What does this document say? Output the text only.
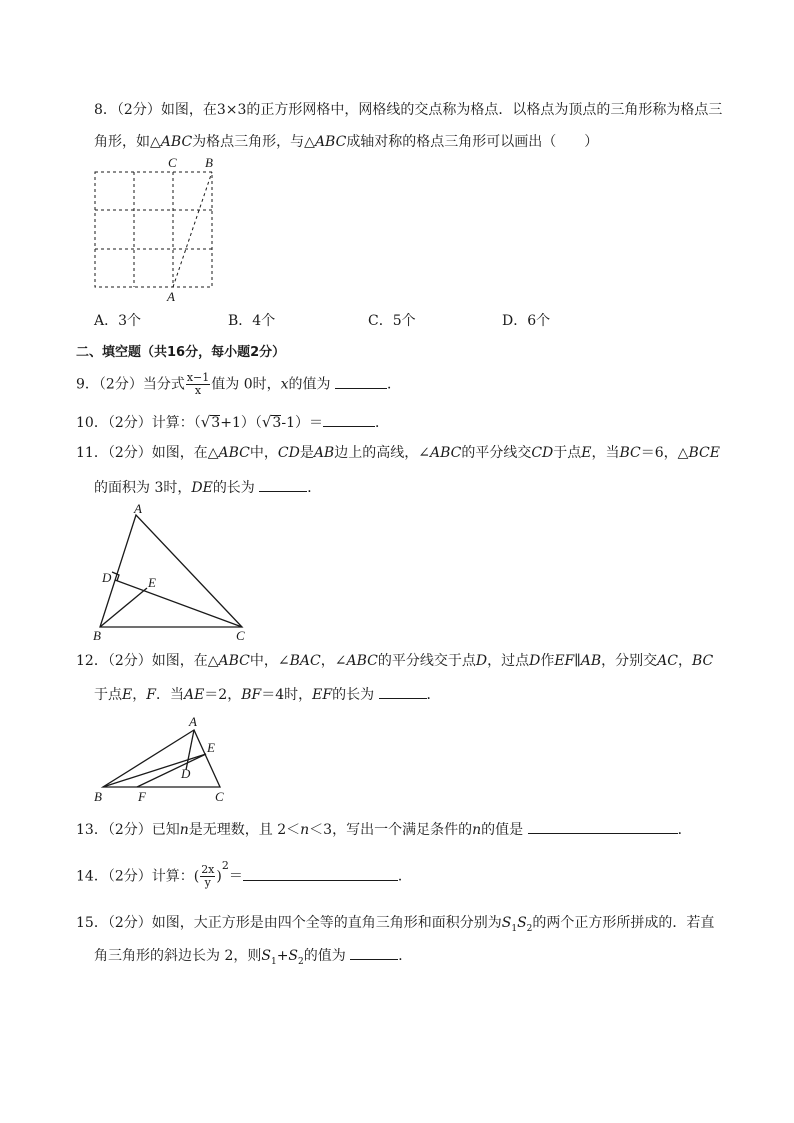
8．（2分）如图，在3×3的正方形网格中，网格线的交点称为格点．以格点为顶点的三角形称为格点三
角形，如△ABC为格点三角形，与△ABC成轴对称的格点三角形可以画出（　　）
C B
A
A．3个	B．4个	C．5个	D．6个
二、填空题（共16分，每小题2分）
9．（2分）当分式 $\frac{x-1}{x}$ 值为 0时，x的值为	．
10．（2分）计算：（√3+1）（√3-1）＝	．
11．（2分）如图，在△ABC中，CD是AB边上的高线，∠ABC的平分线交CD于点E，当BC＝6，△BCE
的面积为 3时，DE的长为	．
A
D	E
B	C
12．（2分）如图，在△ABC中，∠BAC，∠ABC的平分线交于点D，过点D作EF∥AB，分别交AC，BC
于点E，F．当AE＝2，BF＝4时，EF的长为	．
A
E
D
B	F	C
13．（2分）已知n是无理数，且 2＜n＜3，写出一个满足条件的n的值是	．
14．（2分）计算：( $\frac{2x}{y} )^2=$	．
15．（2分）如图，大正方形是由四个全等的直角三角形和面积分别为$S_1S_2$的两个正方形所拼成的．若直
角三角形的斜边长为 2，则$S_1+S_2$的值为	．
